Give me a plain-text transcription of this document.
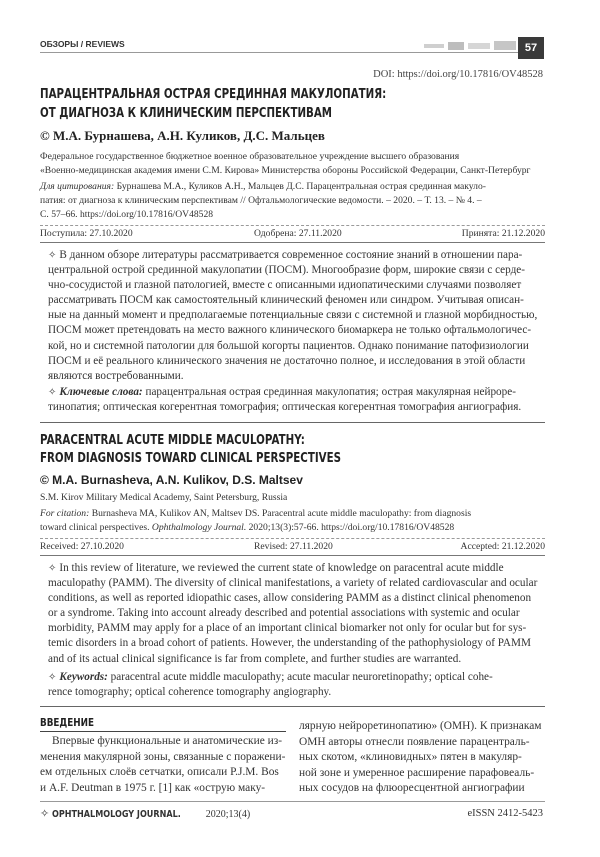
ОБЗОРЫ / REVIEWS	57
DOI: https://doi.org/10.17816/OV48528
ПАРАЦЕНТРАЛЬНАЯ ОСТРАЯ СРЕДИННАЯ МАКУЛОПАТИЯ:
ОТ ДИАГНОЗА К КЛИНИЧЕСКИМ ПЕРСПЕКТИВАМ
© М.А. Бурнашева, А.Н. Куликов, Д.С. Мальцев
Федеральное государственное бюджетное военное образовательное учреждение высшего образования
«Военно-медицинская академия имени С.М. Кирова» Министерства обороны Российской Федерации, Санкт-Петербург
Для цитирования: Бурнашева М.А., Куликов А.Н., Мальцев Д.С. Парацентральная острая срединная макуло-
патия: от диагноза к клиническим перспективам // Офтальмологические ведомости. – 2020. – Т. 13. – № 4. –
С. 57–66. https://doi.org/10.17816/OV48528
Поступила: 27.10.2020	Одобрена: 27.11.2020	Принята: 21.12.2020

✧ В данном обзоре литературы рассматривается современное состояние знаний в отношении пара-

центральной острой срединной макулопатии (ПОСМ). Многообразие форм, широкие связи с серде-

чно-сосудистой и глазной патологией, вместе с описанными идиопатическими случаями позволяет

рассматривать ПОСМ как самостоятельный клинический феномен или синдром. Учитывая описан-

ные на данный момент и предполагаемые потенциальные связи с системной и глазной морбидностью,

ПОСМ может претендовать на место важного клинического биомаркера не только офтальмологичес-

кой, но и системной патологии для большой когорты пациентов. Однако понимание патофизиологии

ПОСМ и её реального клинического значения не достаточно полное, и исследования в этой области

являются востребованными.

✧ Ключевые слова: парацентральная острая срединная макулопатия; острая макулярная нейроре-

тинопатия; оптическая когерентная томография; оптическая когерентная томография ангиография.

PARACENTRAL ACUTE MIDDLE MACULOPATHY:
FROM DIAGNOSIS TOWARD CLINICAL PERSPECTIVES
© M.A. Burnasheva, A.N. Kulikov, D.S. Maltsev
S.M. Kirov Military Medical Academy, Saint Petersburg, Russia
For citation: Burnasheva MA, Kulikov AN, Maltsev DS. Paracentral acute middle maculopathy: from diagnosis
toward clinical perspectives. Ophthalmology Journal. 2020;13(3):57-66. https://doi.org/10.17816/OV48528
Received: 27.10.2020	Revised: 27.11.2020	Accepted: 21.12.2020

✧ In this review of literature, we reviewed the current state of knowledge on paracentral acute middle

maculopathy (PAMM). The diversity of clinical manifestations, a variety of related cardiovascular and ocular

conditions, as well as reported idiopathic cases, allow considering PAMM as a distinct clinical phenomenon

or a syndrome. Taking into account already described and potential associations with systemic and ocular

morbidity, PAMM may apply for a place of an important clinical biomarker not only for ocular but for sys-

temic disorders in a broad cohort of patients. However, the understanding of the pathophysiology of PAMM

and of its actual clinical significance is far from complete, and further studies are warranted.

✧ Keywords: paracentral acute middle maculopathy; acute macular neuroretinopathy; optical cohe-

rence tomography; optical coherence tomography angiography.

ВВЕДЕНИЕ

Впервые функциональные и анатомические из-

менения макулярной зоны, связанные с поражени-

ем отдельных слоёв сетчатки, описали P.J.M. Bos

и A.F. Deutman в 1975 г. [1] как «острую маку-

лярную нейроретинопатию» (ОМН). К признакам

ОМН авторы отнесли появление парацентраль-

ных скотом, «клиновидных» пятен в макуляр-

ной зоне и умеренное расширение парафовеаль-

ных сосудов на флюоресцентной ангиографии

✧ OPHTHALMOLOGY JOURNAL. 2020;13(4)	eISSN 2412-5423
